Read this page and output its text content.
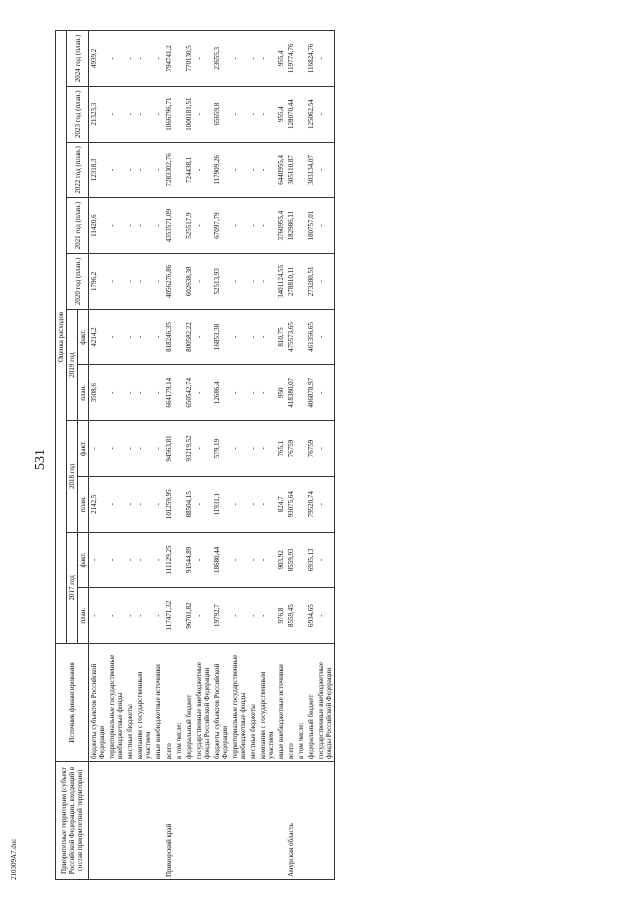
531
Приоритетные территории (субъект Российской Федерации, входящий в состав приоритетной территории)	Источник финансирования	Оценка расходов										
		2017 год		2018 год		2019 год		2020 год (план.)	2021 год (план.)	2022 год (план.)	2023 год (план.)	2024 год (план.)
		план.	факт.	план.	факт.	план.	факт.					
	бюджеты субъектов Российской Федерации	-	-	2142,5	-	3508,6	4214,2	1796,2	11420,6	12318,3	21323,3	4939,2
	территориальные государственные внебюджетные фонды	-	-	-	-	-	-	-	-	-	-	-
	местные бюджеты	-	-	-	-	-	-	-	-	-	-	-
	компании с государственным участием	-	-	-	-	-	-	-	-	-	-	-
	иные внебюджетные источники	-	-	-	-	-	-	-	-	-	-	-
Приморский край	всего	117471,32	111129,25	101259,95	94563,81	664179,14	818246,35	4056276,86	4353571,09	7283302,76	1066796,71	794741,2
	в том числе:											
	федеральный бюджет	96701,82	91544,89	88504,15	93219,52	650542,74	800582,22	602638,38	525517,9	724438,1	1000181,51	770130,5
	государственные внебюджетные фонды Российской Федерации	-	-	-	-	-	-	-	-	-	-	-
	бюджеты субъектов Российской Федерации	19792,7	18680,44	11931,1	579,19	12686,4	16853,38	52513,93	67097,79	117909,26	65659,8	23655,3
	территориальные государственные внебюджетные фонды	-	-	-	-	-	-	-	-	-	-	-
	местные бюджеты	-	-	-	-	-	-	-	-	-	-	-
	компании с государственным участием	-	-	-	-	-	-	-	-	-	-	-
	иные внебюджетные источники	976,8	903,92	824,7	765,1	950	810,75	3401124,55	3760955,4	6440955,4	955,4	955,4
Амурская область	всего	8559,45	8559,93	93075,64	76759	418380,07	475573,65	278810,11	182986,11	305110,87	128070,44	119774,76
	в том числе:											
	федеральный бюджет	6934,65	6935,13	79520,74	76759	406878,97	461356,65	273280,51	180757,01	303134,07	125062,54	116824,76
	государственные внебюджетные фонды Российской Федерации	-	-	-	-	-	-	-	-	-	-	-
210309A7.doc
